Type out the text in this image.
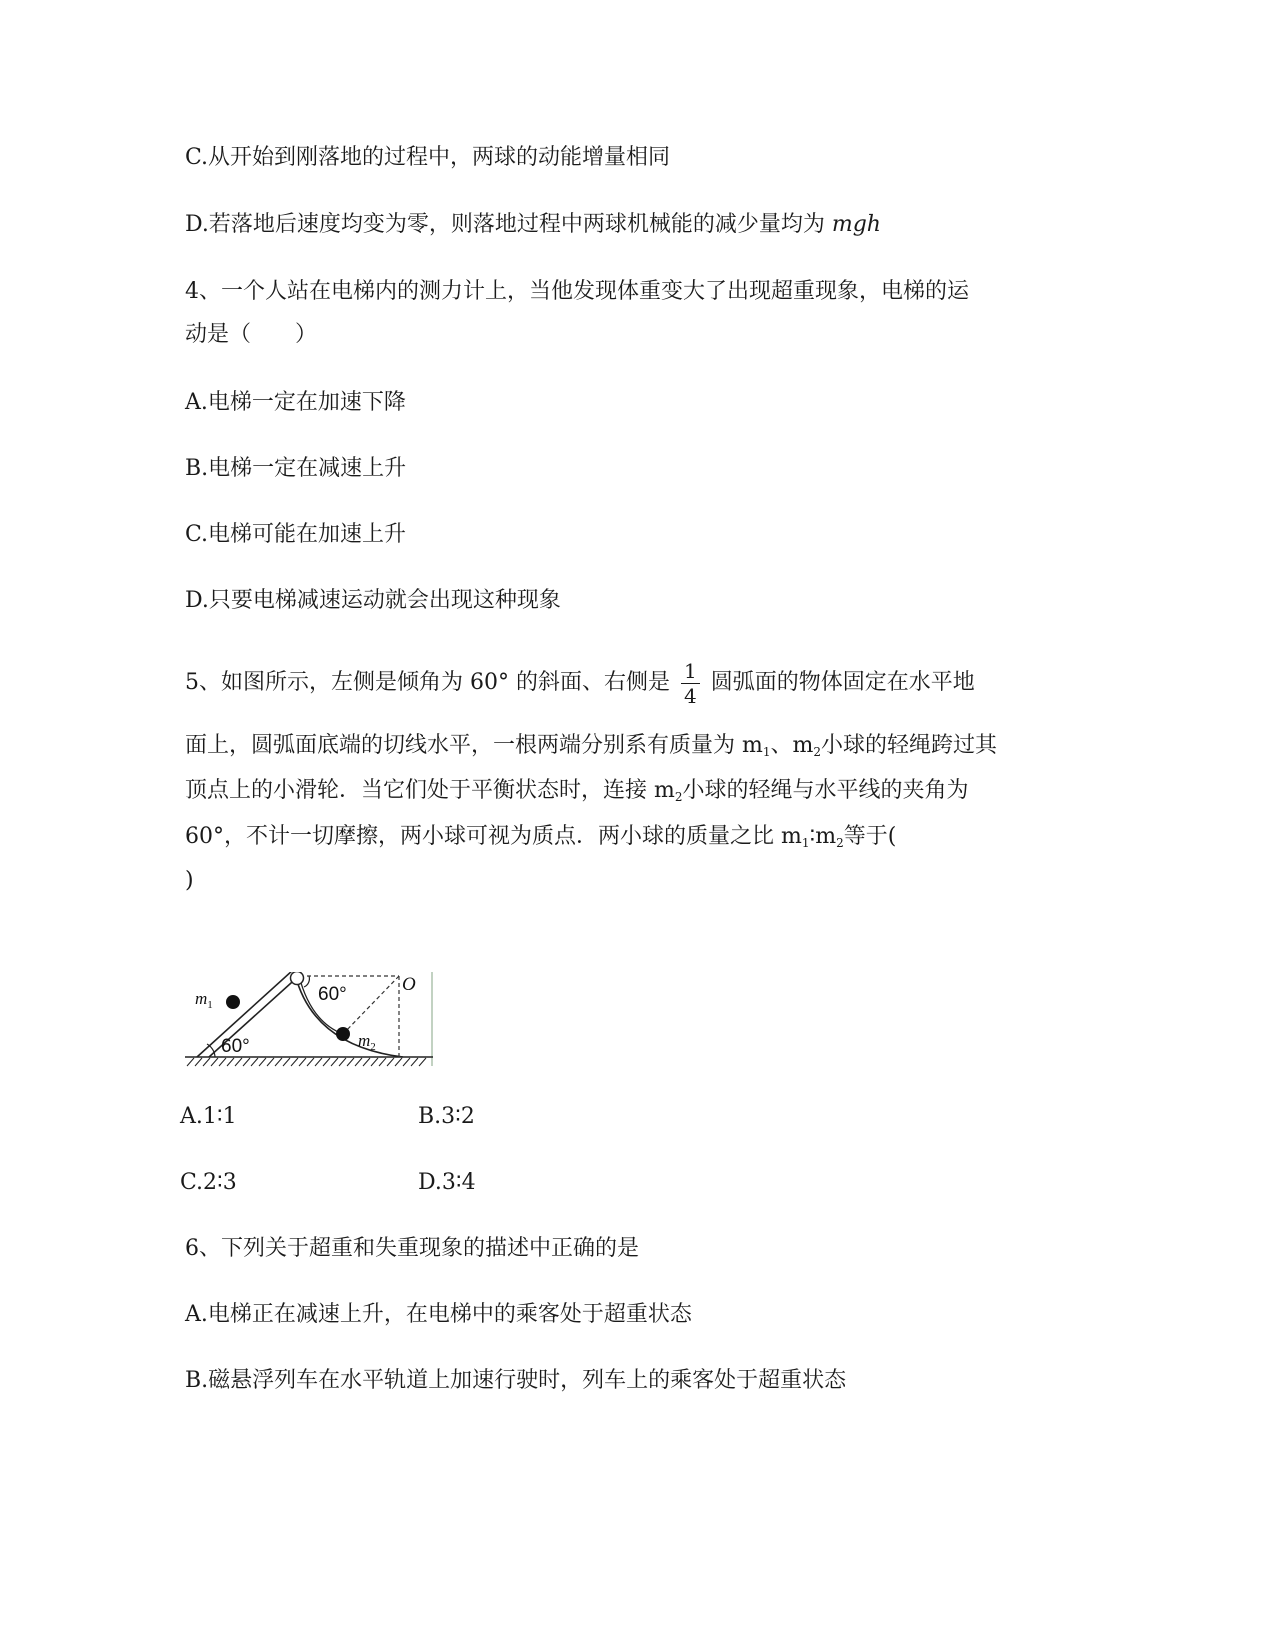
C.从开始到刚落地的过程中，两球的动能增量相同
D.若落地后速度均变为零，则落地过程中两球机械能的减少量均为 mgh
4、一个人站在电梯内的测力计上，当他发现体重变大了出现超重现象，电梯的运
动是（　　）
A.电梯一定在加速下降
B.电梯一定在减速上升
C.电梯可能在加速上升
D.只要电梯减速运动就会出现这种现象
5、如图所示，左侧是倾角为 60° 的斜面、右侧是 $\frac{1}{4}$ 圆弧面的物体固定在水平地
面上，圆弧面底端的切线水平，一根两端分别系有质量为 $m_1$、$m_2$小球的轻绳跨过其
顶点上的小滑轮．当它们处于平衡状态时，连接 $m_2$小球的轻绳与水平线的夹角为
60°，不计一切摩擦，两小球可视为质点．两小球的质量之比 $m_1∶m_2$等于(
)
60°
60°
O
$m_1$
$m_2$
A.1∶1	B.3∶2
C.2∶3	D.3∶4
6、下列关于超重和失重现象的描述中正确的是
A.电梯正在减速上升，在电梯中的乘客处于超重状态
B.磁悬浮列车在水平轨道上加速行驶时，列车上的乘客处于超重状态
